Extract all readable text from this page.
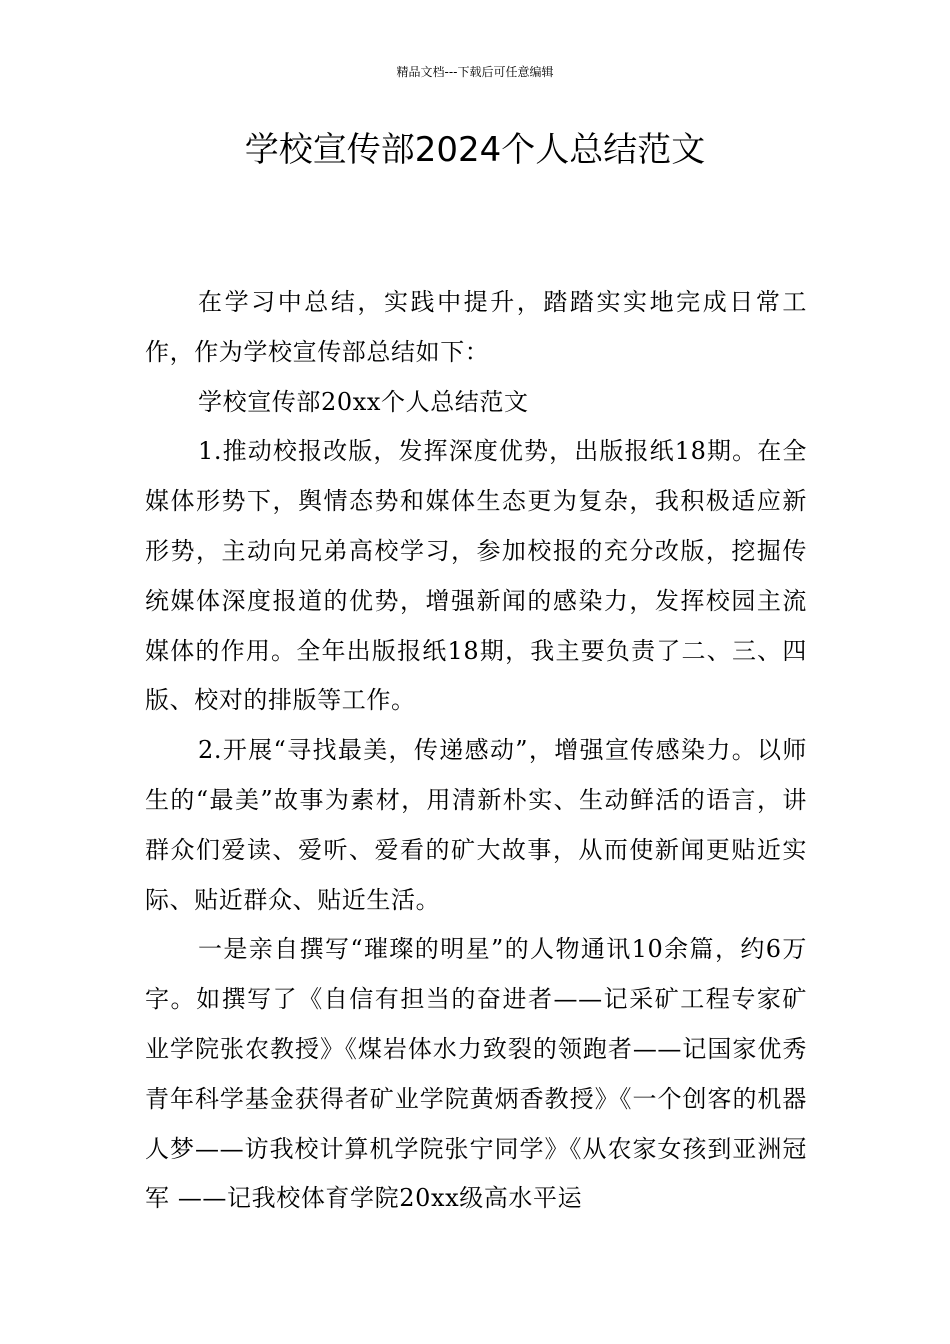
精品文档---下载后可任意编辑
学校宣传部2024个人总结范文

在学习中总结，实践中提升，踏踏实实地完成日常工作，作为学校宣传部总结如下：

学校宣传部20xx个人总结范文

1.推动校报改版，发挥深度优势，出版报纸18期。在全媒体形势下，舆情态势和媒体生态更为复杂，我积极适应新形势，主动向兄弟高校学习，参加校报的充分改版，挖掘传统媒体深度报道的优势，增强新闻的感染力，发挥校园主流媒体的作用。全年出版报纸18期，我主要负责了二、三、四版、校对的排版等工作。

2.开展“寻找最美，传递感动”，增强宣传感染力。以师生的“最美”故事为素材，用清新朴实、生动鲜活的语言，讲群众们爱读、爱听、爱看的矿大故事，从而使新闻更贴近实际、贴近群众、贴近生活。

一是亲自撰写“璀璨的明星”的人物通讯10余篇，约6万字。如撰写了《自信有担当的奋进者——记采矿工程专家矿业学院张农教授》《煤岩体水力致裂的领跑者——记国家优秀青年科学基金获得者矿业学院黄炳香教授》《一个创客的机器人梦——访我校计算机学院张宁同学》《从农家女孩到亚洲冠军 ——记我校体育学院20xx级高水平运
